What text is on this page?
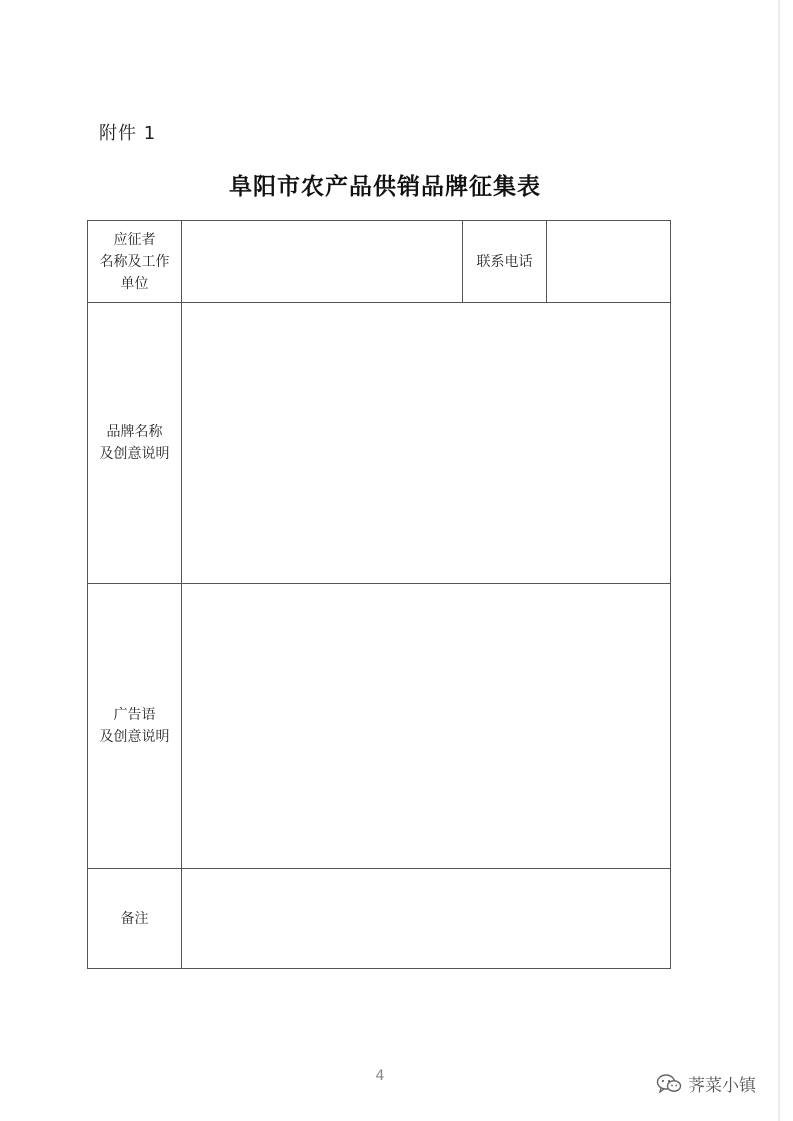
附件 1
阜阳市农产品供销品牌征集表
应征者
名称及工作
单位		联系电话	

品牌名称
及创意说明			

广告语
及创意说明			

备注			

4	荠菜小镇
